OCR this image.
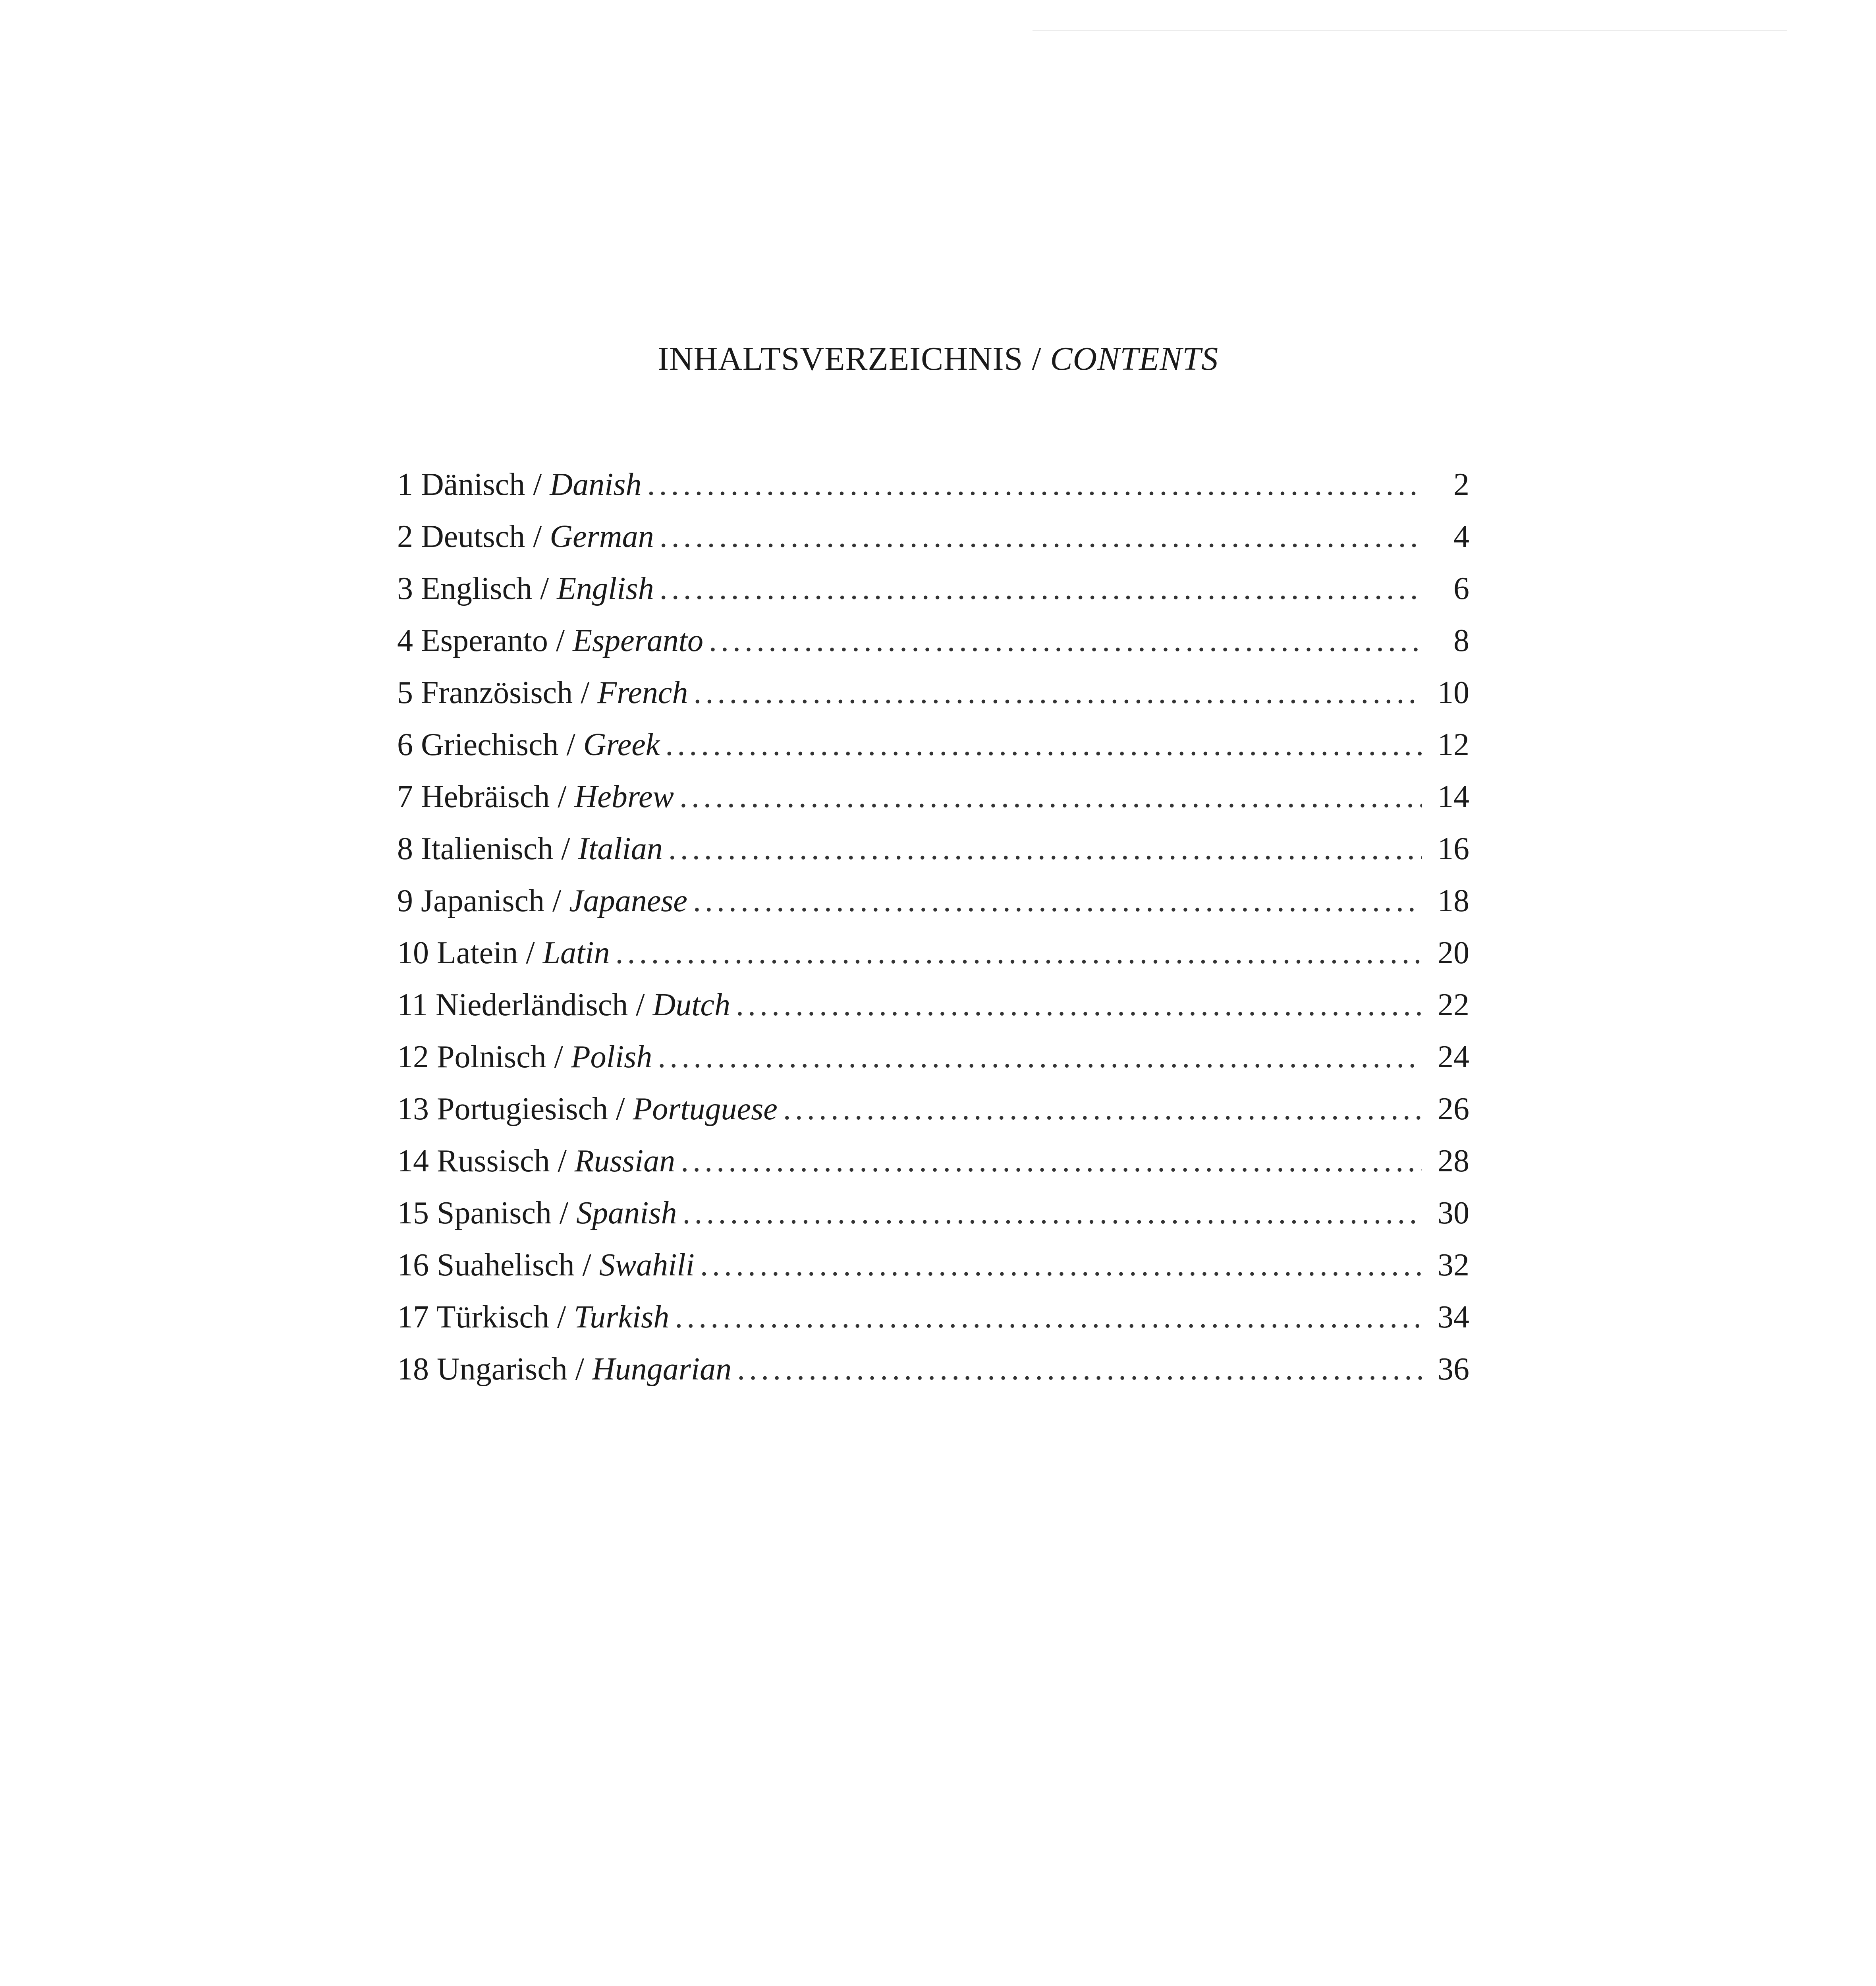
INHALTSVERZEICHNIS / CONTENTS
1 Dänisch / Danish .....	2
2 Deutsch / German .....	4
3 Englisch / English .....	6
4 Esperanto / Esperanto .....	8
5 Französisch / French .....	10
6 Griechisch / Greek .....	12
7 Hebräisch / Hebrew .....	14
8 Italienisch / Italian .....	16
9 Japanisch / Japanese .....	18
10 Latein / Latin .....	20
11 Niederländisch / Dutch .....	22
12 Polnisch / Polish .....	24
13 Portugiesisch / Portuguese .....	26
14 Russisch / Russian .....	28
15 Spanisch / Spanish .....	30
16 Suahelisch / Swahili .....	32
17 Türkisch / Turkish .....	34
18 Ungarisch / Hungarian .....	36
